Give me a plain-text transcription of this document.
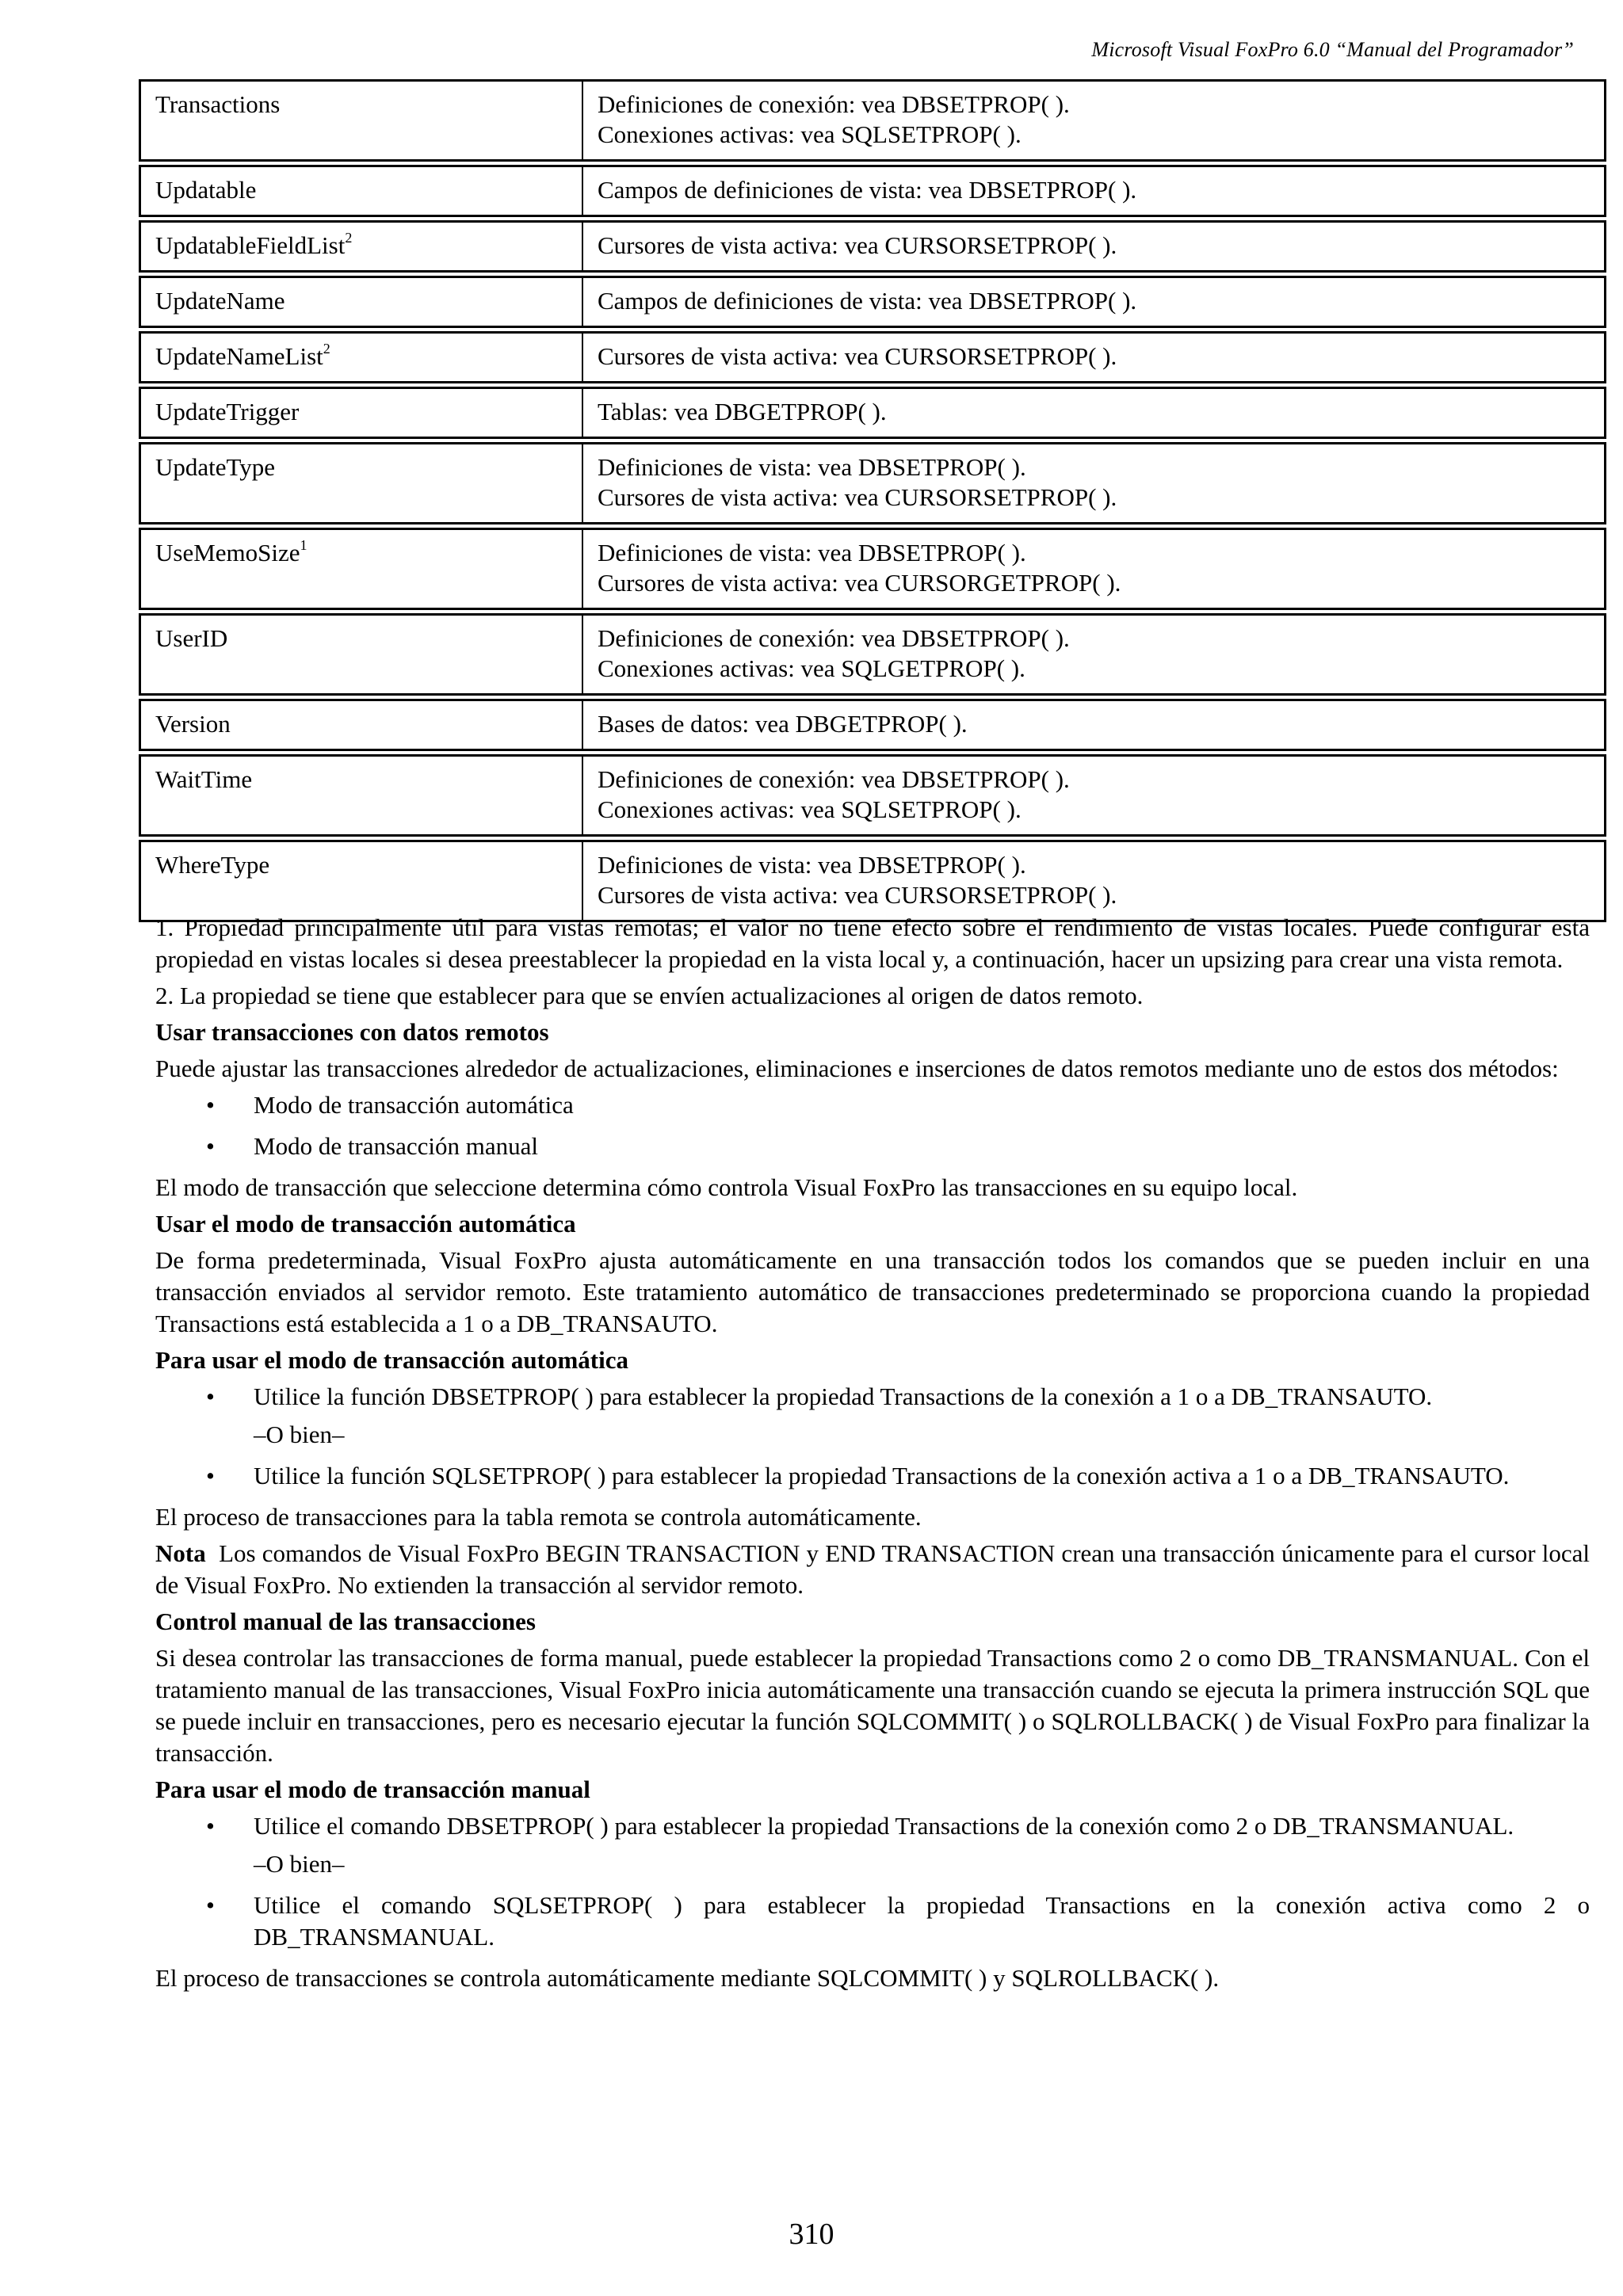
Microsoft Visual FoxPro 6.0 “Manual del Programador”
Transactions	Definiciones de conexión: vea DBSETPROP( ).
Conexiones activas: vea SQLSETPROP( ).

Updatable	Campos de definiciones de vista: vea DBSETPROP( ).

UpdatableFieldList$^2$	Cursores de vista activa: vea CURSORSETPROP( ).

UpdateName	Campos de definiciones de vista: vea DBSETPROP( ).

UpdateNameList$^2$	Cursores de vista activa: vea CURSORSETPROP( ).

UpdateTrigger	Tablas: vea DBGETPROP( ).

UpdateType	Definiciones de vista: vea DBSETPROP( ).
Cursores de vista activa: vea CURSORSETPROP( ).

UseMemoSize$^1$	Definiciones de vista: vea DBSETPROP( ).
Cursores de vista activa: vea CURSORGETPROP( ).

UserID	Definiciones de conexión: vea DBSETPROP( ).
Conexiones activas: vea SQLGETPROP( ).

Version	Bases de datos: vea DBGETPROP( ).

WaitTime	Definiciones de conexión: vea DBSETPROP( ).
Conexiones activas: vea SQLSETPROP( ).

WhereType	Definiciones de vista: vea DBSETPROP( ).
Cursores de vista activa: vea CURSORSETPROP( ).

1. Propiedad principalmente útil para vistas remotas; el valor no tiene efecto sobre el rendimiento de vistas locales. Puede configurar esta propiedad en vistas locales si desea preestablecer la propiedad en la vista local y, a continuación, hacer un upsizing para crear una vista remota.

2. La propiedad se tiene que establecer para que se envíen actualizaciones al origen de datos remoto.

Usar transacciones con datos remotos

Puede ajustar las transacciones alrededor de actualizaciones, eliminaciones e inserciones de datos remotos mediante uno de estos dos métodos:

• Modo de transacción automática
• Modo de transacción manual

El modo de transacción que seleccione determina cómo controla Visual FoxPro las transacciones en su equipo local.

Usar el modo de transacción automática

De forma predeterminada, Visual FoxPro ajusta automáticamente en una transacción todos los comandos que se pueden incluir en una transacción enviados al servidor remoto. Este tratamiento automático de transacciones predeterminado se proporciona cuando la propiedad Transactions está establecida a 1 o a DB_TRANSAUTO.

Para usar el modo de transacción automática
• Utilice la función DBSETPROP( ) para establecer la propiedad Transactions de la conexión a 1 o a DB_TRANSAUTO.
–O bien–
• Utilice la función SQLSETPROP( ) para establecer la propiedad Transactions de la conexión activa a 1 o a DB_TRANSAUTO.

El proceso de transacciones para la tabla remota se controla automáticamente.

Nota Los comandos de Visual FoxPro BEGIN TRANSACTION y END TRANSACTION crean una transacción únicamente para el cursor local de Visual FoxPro. No extienden la transacción al servidor remoto.

Control manual de las transacciones

Si desea controlar las transacciones de forma manual, puede establecer la propiedad Transactions como 2 o como DB_TRANSMANUAL. Con el tratamiento manual de las transacciones, Visual FoxPro inicia automáticamente una transacción cuando se ejecuta la primera instrucción SQL que se puede incluir en transacciones, pero es necesario ejecutar la función SQLCOMMIT( ) o SQLROLLBACK( ) de Visual FoxPro para finalizar la transacción.

Para usar el modo de transacción manual
• Utilice el comando DBSETPROP( ) para establecer la propiedad Transactions de la conexión como 2 o DB_TRANSMANUAL.
–O bien–
• Utilice el comando SQLSETPROP( ) para establecer la propiedad Transactions en la conexión activa como 2 o DB_TRANSMANUAL.

El proceso de transacciones se controla automáticamente mediante SQLCOMMIT( ) y SQLROLLBACK( ).

310
